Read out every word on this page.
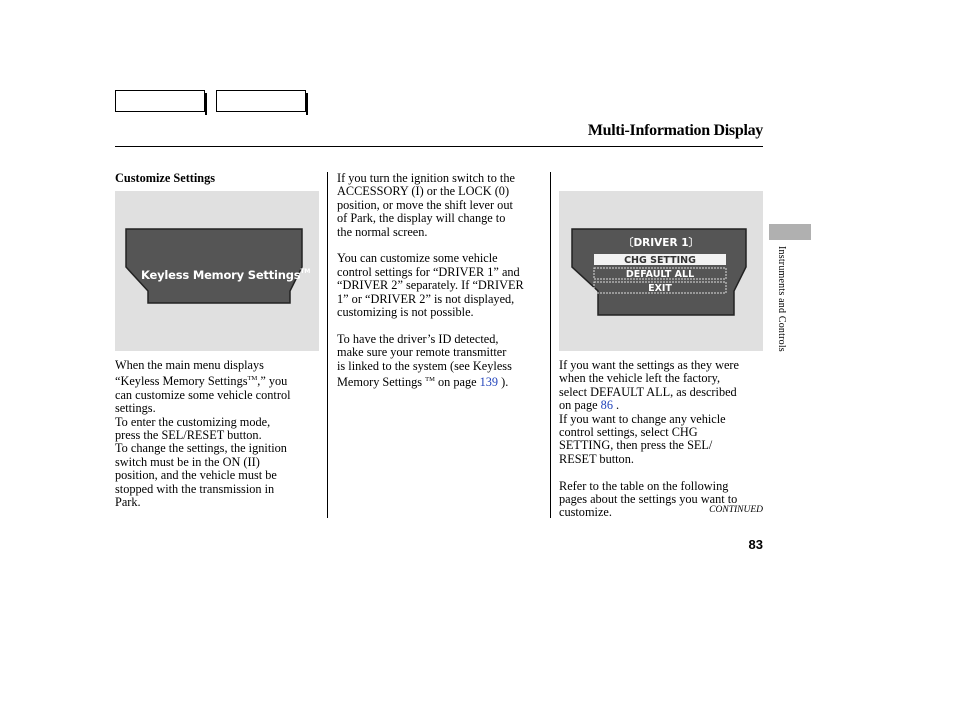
Multi-Information Display
Customize Settings
Keyless Memory Settings™
〔DRIVER 1〕
CHG SETTING
DEFAULT ALL
EXIT

When the main menu displays

“Keyless Memory Settings™,” you

can customize some vehicle control

settings.

To enter the customizing mode,

press the SEL/RESET button.

To change the settings, the ignition

switch must be in the ON (II)

position, and the vehicle must be

stopped with the transmission in

Park.

If you turn the ignition switch to the

ACCESSORY (I) or the LOCK (0)

position, or move the shift lever out

of Park, the display will change to

the normal screen.

You can customize some vehicle

control settings for “DRIVER 1” and

“DRIVER 2” separately. If “DRIVER

1” or “DRIVER 2” is not displayed,

customizing is not possible.

To have the driver’s ID detected,

make sure your remote transmitter

is linked to the system (see Keyless

Memory Settings ™ on page 139 ).

If you want the settings as they were

when the vehicle left the factory,

select DEFAULT ALL, as described

on page 86 .

If you want to change any vehicle

control settings, select CHG

SETTING, then press the SEL/

RESET button.

Refer to the table on the following

pages about the settings you want to

customize.	CONTINUED
Instruments and Controls
83
